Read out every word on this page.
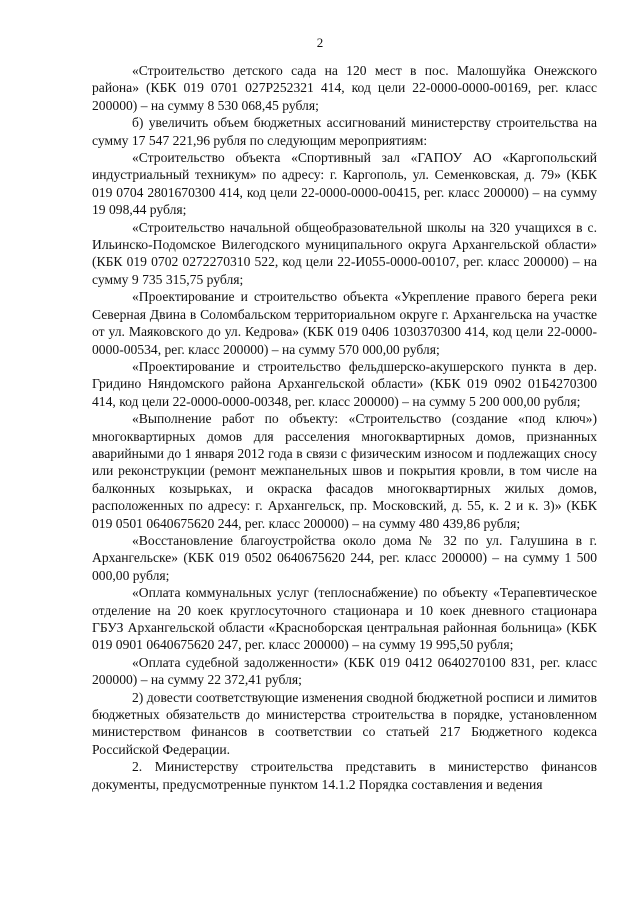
2

«Строительство детского сада на 120 мест в пос. Малошуйка Онежского района» (КБК 019 0701 027Р252321 414, код цели 22-0000-0000-00169, рег. класс 200000) – на сумму 8 530 068,45 рубля;

б) увеличить объем бюджетных ассигнований министерству строительства на сумму 17 547 221,96 рубля по следующим мероприятиям:

«Строительство объекта «Спортивный зал «ГАПОУ АО «Каргопольский индустриальный техникум» по адресу: г. Каргополь, ул. Семенковская, д. 79» (КБК 019 0704 2801670300 414, код цели 22-0000-0000-00415, рег. класс 200000) – на сумму 19 098,44 рубля;

«Строительство начальной общеобразовательной школы на 320 учащихся в с. Ильинско-Подомское Вилегодского муниципального округа Архангельской области» (КБК 019 0702 0272270310 522, код цели 22-И055-0000-00107, рег. класс 200000) – на сумму 9 735 315,75 рубля;

«Проектирование и строительство объекта «Укрепление правого берега реки Северная Двина в Соломбальском территориальном округе г. Архангельска на участке от ул. Маяковского до ул. Кедрова» (КБК 019 0406 1030370300 414, код цели 22-0000-0000-00534, рег. класс 200000) – на сумму 570 000,00 рубля;

«Проектирование и строительство фельдшерско-акушерского пункта в дер. Гридино Няндомского района Архангельской области» (КБК 019 0902 01Б4270300 414, код цели 22-0000-0000-00348, рег. класс 200000) – на сумму 5 200 000,00 рубля;

«Выполнение работ по объекту: «Строительство (создание «под ключ») многоквартирных домов для расселения многоквартирных домов, признанных аварийными до 1 января 2012 года в связи с физическим износом и подлежащих сносу или реконструкции (ремонт межпанельных швов и покрытия кровли, в том числе на балконных козырьках, и окраска фасадов многоквартирных жилых домов, расположенных по адресу: г. Архангельск, пр. Московский, д. 55, к. 2 и к. 3)» (КБК 019 0501 0640675620 244, рег. класс 200000) – на сумму 480 439,86 рубля;

«Восстановление благоустройства около дома № 32 по ул. Галушина в г. Архангельске» (КБК 019 0502 0640675620 244, рег. класс 200000) – на сумму 1 500 000,00 рубля;

«Оплата коммунальных услуг (теплоснабжение) по объекту «Терапевтическое отделение на 20 коек круглосуточного стационара и 10 коек дневного стационара ГБУЗ Архангельской области «Красноборская центральная районная больница» (КБК 019 0901 0640675620 247, рег. класс 200000) – на сумму 19 995,50 рубля;

«Оплата судебной задолженности» (КБК 019 0412 0640270100 831, рег. класс 200000) – на сумму 22 372,41 рубля;

2) довести соответствующие изменения сводной бюджетной росписи и лимитов бюджетных обязательств до министерства строительства в порядке, установленном министерством финансов в соответствии со статьей 217 Бюджетного кодекса Российской Федерации.

2. Министерству строительства представить в министерство финансов документы, предусмотренные пунктом 14.1.2 Порядка составления и ведения
